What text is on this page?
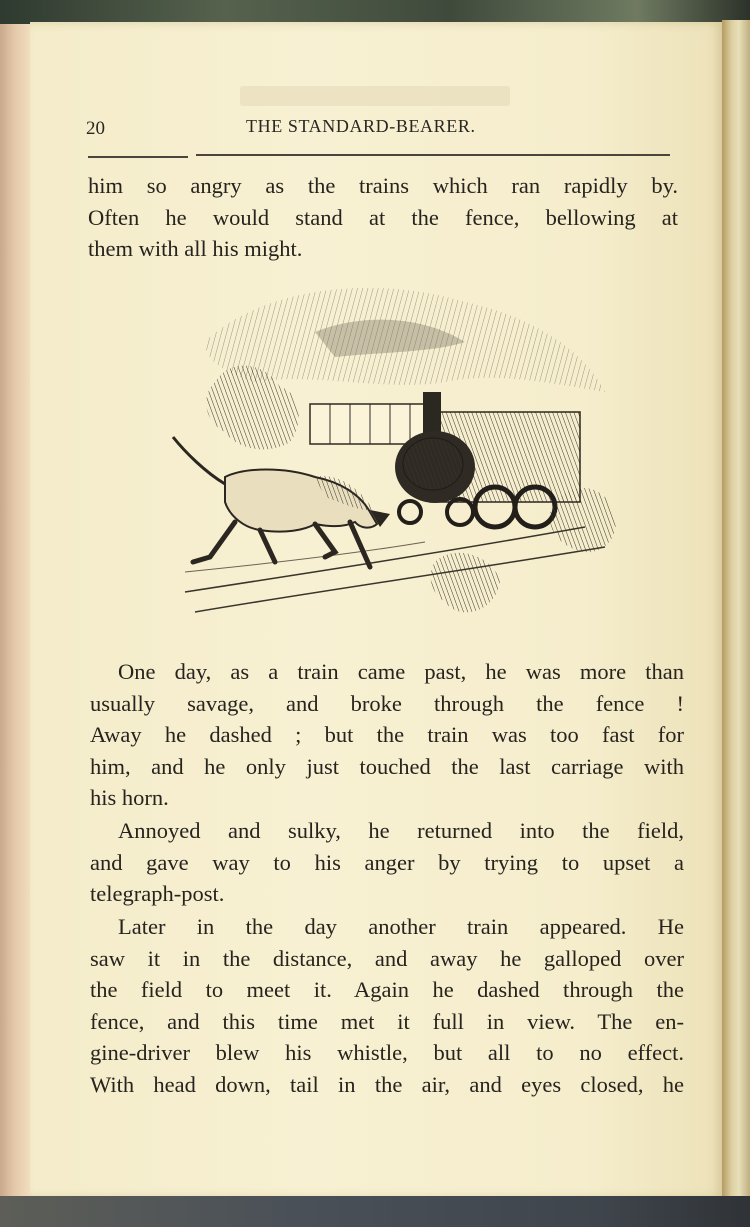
20	THE STANDARD-BEARER.
him so angry as the trains which ran rapidly by.
Often he would stand at the fence, bellowing at
them with all his might.
One day, as a train came past, he was more than
usually savage, and broke through the fence !
Away he dashed ; but the train was too fast for
him, and he only just touched the last carriage with
his horn.
Annoyed and sulky, he returned into the field,
and gave way to his anger by trying to upset a
telegraph-post.
Later in the day another train appeared. He
saw it in the distance, and away he galloped over
the field to meet it. Again he dashed through the
fence, and this time met it full in view. The en-
gine-driver blew his whistle, but all to no effect.
With head down, tail in the air, and eyes closed, he
